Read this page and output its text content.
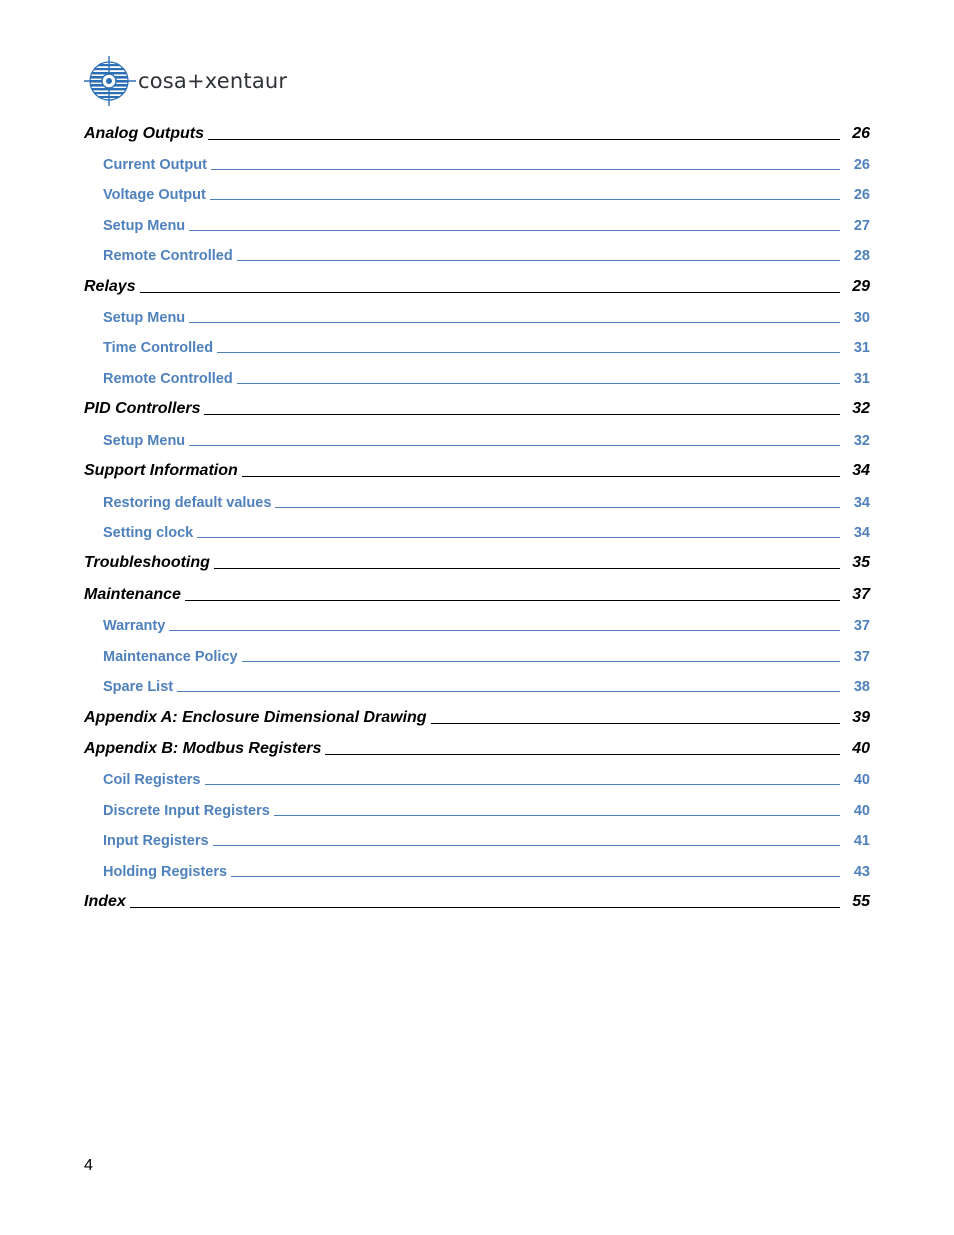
cosa+xentaur
Analog Outputs	26
Current Output	26
Voltage Output	26
Setup Menu	27
Remote Controlled	28
Relays	29
Setup Menu	30
Time Controlled	31
Remote Controlled	31
PID Controllers	32
Setup Menu	32
Support Information	34
Restoring default values	34
Setting clock	34
Troubleshooting	35
Maintenance	37
Warranty	37
Maintenance Policy	37
Spare List	38
Appendix A: Enclosure Dimensional Drawing	39
Appendix B: Modbus Registers	40
Coil Registers	40
Discrete Input Registers	40
Input Registers	41
Holding Registers	43
Index	55
4
